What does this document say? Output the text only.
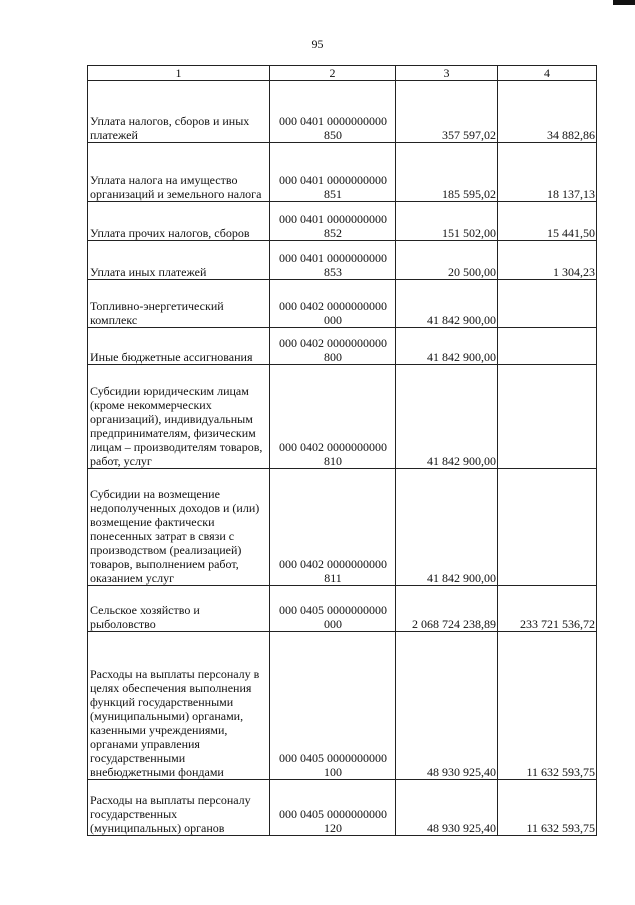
95
1	2	3	4
Уплата налогов, сборов и иных платежей	000 0401 0000000000 850	357 597,02	34 882,86
Уплата налога на имущество организаций и земельного налога	000 0401 0000000000 851	185 595,02	18 137,13
Уплата прочих налогов, сборов	000 0401 0000000000 852	151 502,00	15 441,50
Уплата иных платежей	000 0401 0000000000 853	20 500,00	1 304,23
Топливно-энергетический комплекс	000 0402 0000000000 000	41 842 900,00	
Иные бюджетные ассигнования	000 0402 0000000000 800	41 842 900,00	
Субсидии юридическим лицам (кроме некоммерческих организаций), индивидуальным предпринимателям, физическим лицам – производителям товаров, работ, услуг	000 0402 0000000000 810	41 842 900,00	
Субсидии на возмещение недополученных доходов и (или) возмещение фактически понесенных затрат в связи с производством (реализацией) товаров, выполнением работ, оказанием услуг	000 0402 0000000000 811	41 842 900,00	
Сельское хозяйство и рыболовство	000 0405 0000000000 000	2 068 724 238,89	233 721 536,72
Расходы на выплаты персоналу в целях обеспечения выполнения функций государственными (муниципальными) органами, казенными учреждениями, органами управления государственными внебюджетными фондами	000 0405 0000000000 100	48 930 925,40	11 632 593,75
Расходы на выплаты персоналу государственных (муниципальных) органов	000 0405 0000000000 120	48 930 925,40	11 632 593,75
